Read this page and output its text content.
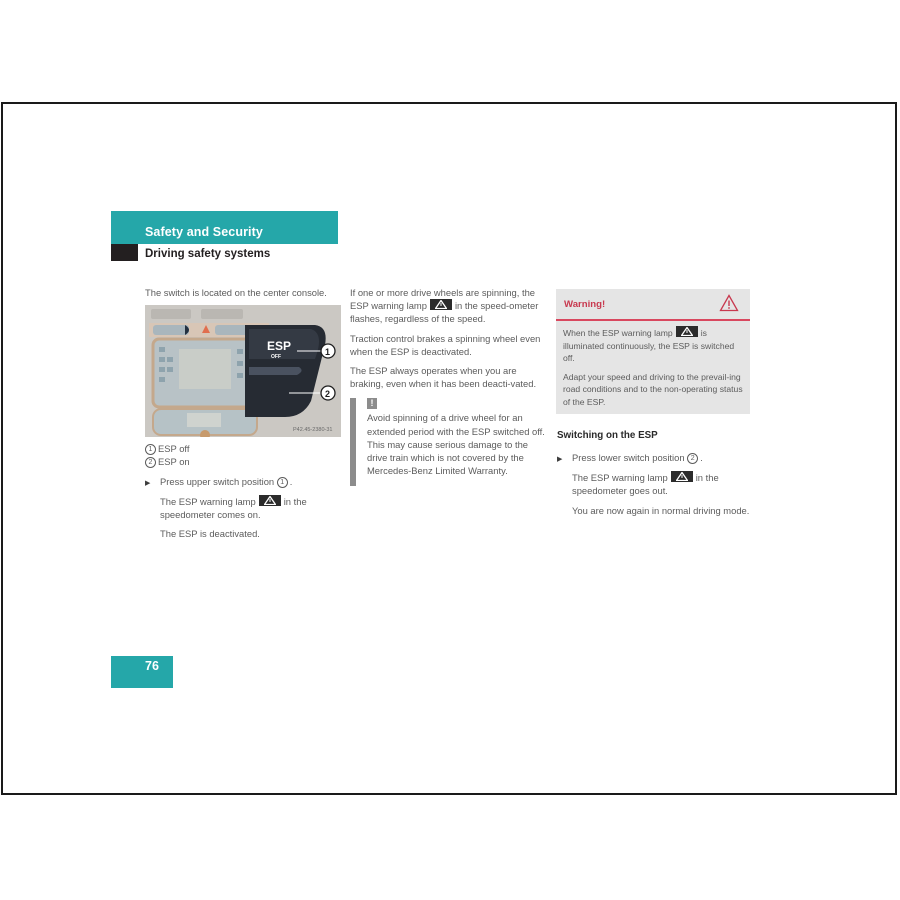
Safety and Security
Driving safety systems

The switch is located on the center console.

ESP
OFF	1
2
P42.45-2380-31
1 ESP off
2 ESP on
▶	Press upper switch position 1 .

The ESP warning lamp	in the speedometer comes on.

The ESP is deactivated.

If one or more drive wheels are spinning, the ESP warning lamp	in the speed-ometer flashes, regardless of the speed.

Traction control brakes a spinning wheel even when the ESP is deactivated.

The ESP always operates when you are braking, even when it has been deacti-vated.

!
Avoid spinning of a drive wheel for an extended period with the ESP switched off. This may cause serious damage to the drive train which is not covered by the Mercedes-Benz Limited Warranty.
Warning!

When the ESP warning lamp	is illuminated continuously, the ESP is switched off.

Adapt your speed and driving to the prevail-ing road conditions and to the non-operating status of the ESP.

Switching on the ESP
▶	Press lower switch position 2 .

The ESP warning lamp	in the speedometer goes out.

You are now again in normal driving mode.

76
